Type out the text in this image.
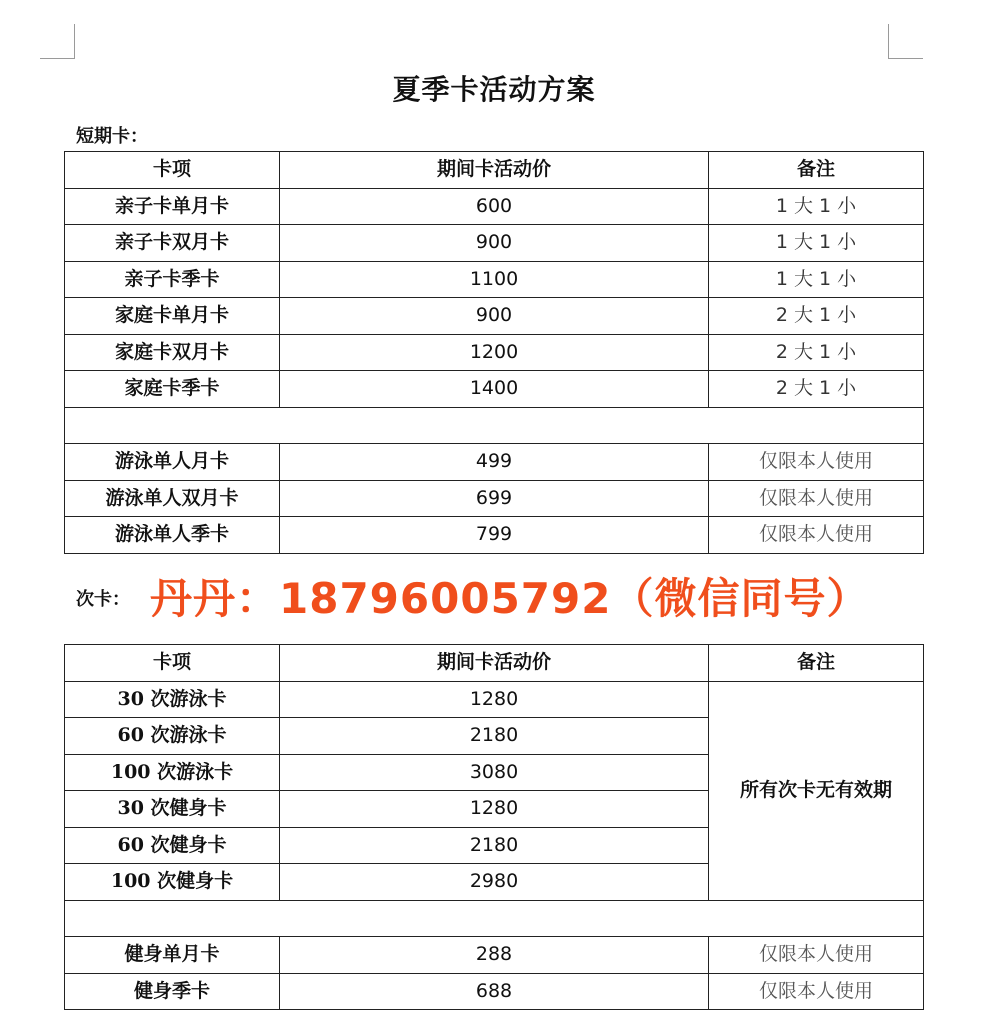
夏季卡活动方案
短期卡：
卡项	期间卡活动价	备注
亲子卡单月卡	600	1 大 1 小
亲子卡双月卡	900	1 大 1 小
亲子卡季卡	1100	1 大 1 小
家庭卡单月卡	900	2 大 1 小
家庭卡双月卡	1200	2 大 1 小
家庭卡季卡	1400	2 大 1 小

游泳单人月卡	499	仅限本人使用
游泳单人双月卡	699	仅限本人使用
游泳单人季卡	799	仅限本人使用
次卡： 丹丹：18796005792（微信同号）
卡项	期间卡活动价	备注
30 次游泳卡	1280	所有次卡无有效期
60 次游泳卡	2180	
100 次游泳卡	3080	
30 次健身卡	1280	
60 次健身卡	2180	
100 次健身卡	2980	

健身单月卡	288	仅限本人使用
健身季卡	688	仅限本人使用
